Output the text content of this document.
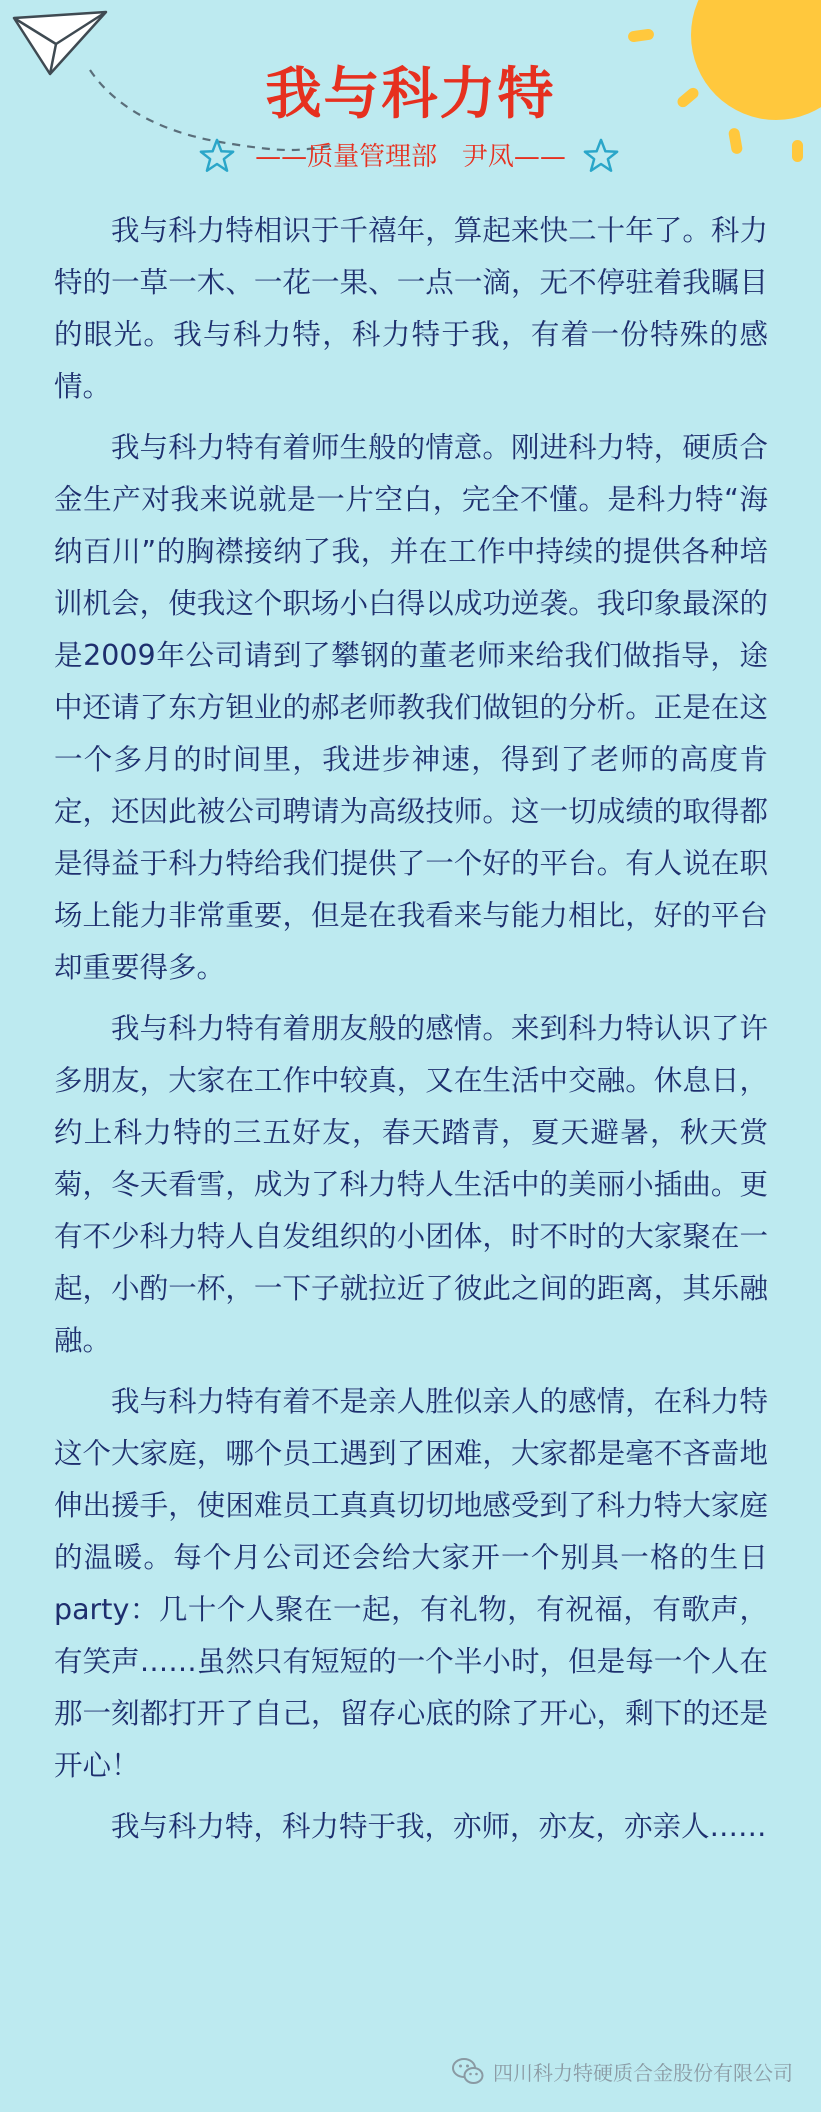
我与科力特
——质量管理部   尹凤——

我与科力特相识于千禧年，算起来快二十年了。科力特的一草一木、一花一果、一点一滴，无不停驻着我瞩目的眼光。我与科力特，科力特于我，有着一份特殊的感情。

我与科力特有着师生般的情意。刚进科力特，硬质合金生产对我来说就是一片空白，完全不懂。是科力特“海纳百川”的胸襟接纳了我，并在工作中持续的提供各种培训机会，使我这个职场小白得以成功逆袭。我印象最深的是2009年公司请到了攀钢的董老师来给我们做指导，途中还请了东方钽业的郝老师教我们做钽的分析。正是在这一个多月的时间里，我进步神速，得到了老师的高度肯定，还因此被公司聘请为高级技师。这一切成绩的取得都是得益于科力特给我们提供了一个好的平台。有人说在职场上能力非常重要，但是在我看来与能力相比，好的平台却重要得多。

我与科力特有着朋友般的感情。来到科力特认识了许多朋友，大家在工作中较真，又在生活中交融。休息日，约上科力特的三五好友，春天踏青，夏天避暑，秋天赏菊，冬天看雪，成为了科力特人生活中的美丽小插曲。更有不少科力特人自发组织的小团体，时不时的大家聚在一起，小酌一杯，一下子就拉近了彼此之间的距离，其乐融融。

我与科力特有着不是亲人胜似亲人的感情，在科力特这个大家庭，哪个员工遇到了困难，大家都是毫不吝啬地伸出援手，使困难员工真真切切地感受到了科力特大家庭的温暖。每个月公司还会给大家开一个别具一格的生日party：几十个人聚在一起，有礼物，有祝福，有歌声，有笑声……虽然只有短短的一个半小时，但是每一个人在那一刻都打开了自己，留存心底的除了开心，剩下的还是开心！

我与科力特，科力特于我，亦师，亦友，亦亲人……

四川科力特硬质合金股份有限公司
